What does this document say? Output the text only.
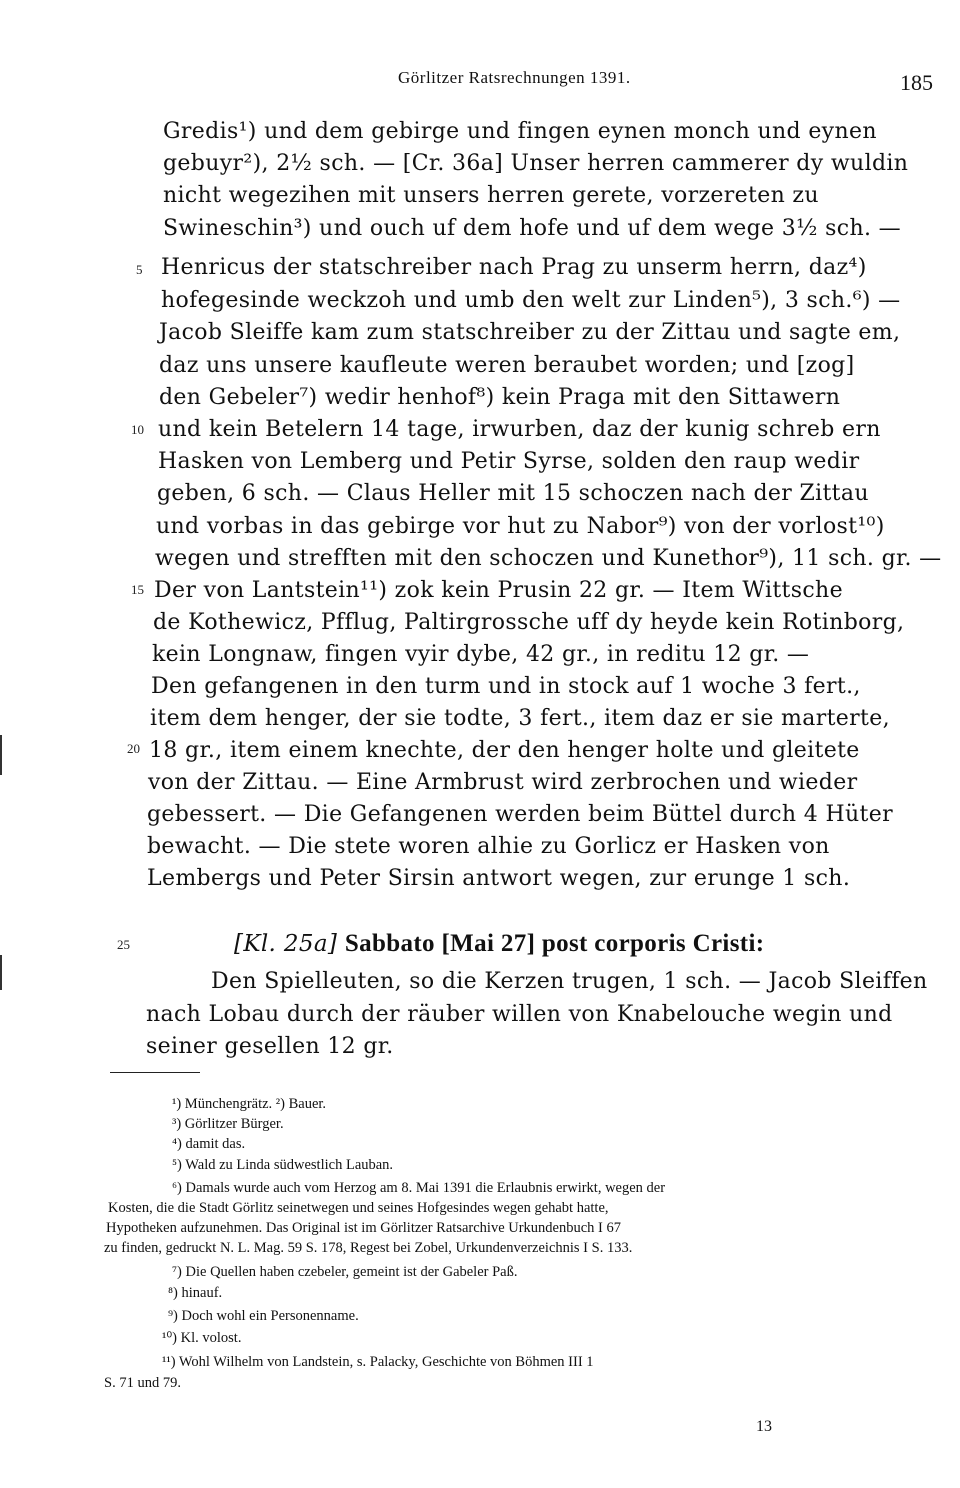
Görlitzer Ratsrechnungen 1391.	185
5
10
15
20
25
Gredis¹) und dem gebirge und fingen eynen monch und eynen
gebuyr²), 2½ sch. — [Cr. 36a] Unser herren cammerer dy wuldin
nicht wegezihen mit unsers herren gerete, vorzereten zu
Swineschin³) und ouch uf dem hofe und uf dem wege 3½ sch. —
Henricus der statschreiber nach Prag zu unserm herrn, daz⁴)
hofegesinde weckzoh und umb den welt zur Linden⁵), 3 sch.⁶) —
Jacob Sleiffe kam zum statschreiber zu der Zittau und sagte em,
daz uns unsere kaufleute weren beraubet worden; und [zog]
den Gebeler⁷) wedir henhof⁸) kein Praga mit den Sittawern
und kein Betelern 14 tage, irwurben, daz der kunig schreb ern
Hasken von Lemberg und Petir Syrse, solden den raup wedir
geben, 6 sch. — Claus Heller mit 15 schoczen nach der Zittau
und vorbas in das gebirge vor hut zu Nabor⁹) von der vorlost¹⁰)
wegen und strefften mit den schoczen und Kunethor⁹), 11 sch. gr. —
Der von Lantstein¹¹) zok kein Prusin 22 gr. — Item Wittsche
de Kothewicz, Pfflug, Paltirgrossche uff dy heyde kein Rotinborg,
kein Longnaw, fingen vyir dybe, 42 gr., in reditu 12 gr. —
Den gefangenen in den turm und in stock auf 1 woche 3 fert.,
item dem henger, der sie todte, 3 fert., item daz er sie marterte,
18 gr., item einem knechte, der den henger holte und gleitete
von der Zittau. — Eine Armbrust wird zerbrochen und wieder
gebessert. — Die Gefangenen werden beim Büttel durch 4 Hüter
bewacht. — Die stete woren alhie zu Gorlicz er Hasken von
Lembergs und Peter Sirsin antwort wegen, zur erunge 1 sch.
[Kl. 25a] Sabbato [Mai 27] post corporis Cristi:
Den Spielleuten, so die Kerzen trugen, 1 sch. — Jacob Sleiffen
nach Lobau durch der räuber willen von Knabelouche wegin und
seiner gesellen 12 gr.
¹) Münchengrätz. ²) Bauer.
³) Görlitzer Bürger.
⁴) damit das.
⁵) Wald zu Linda südwestlich Lauban.
⁶) Damals wurde auch vom Herzog am 8. Mai 1391 die Erlaubnis erwirkt, wegen der
Kosten, die die Stadt Görlitz seinetwegen und seines Hofgesindes wegen gehabt hatte,
Hypotheken aufzunehmen. Das Original ist im Görlitzer Ratsarchive Urkundenbuch I 67
zu finden, gedruckt N. L. Mag. 59 S. 178, Regest bei Zobel, Urkundenverzeichnis I S. 133.
⁷) Die Quellen haben czebeler, gemeint ist der Gabeler Paß.
⁸) hinauf.
⁹) Doch wohl ein Personenname.
¹⁰) Kl. volost.
¹¹) Wohl Wilhelm von Landstein, s. Palacky, Geschichte von Böhmen III 1
S. 71 und 79.
13
